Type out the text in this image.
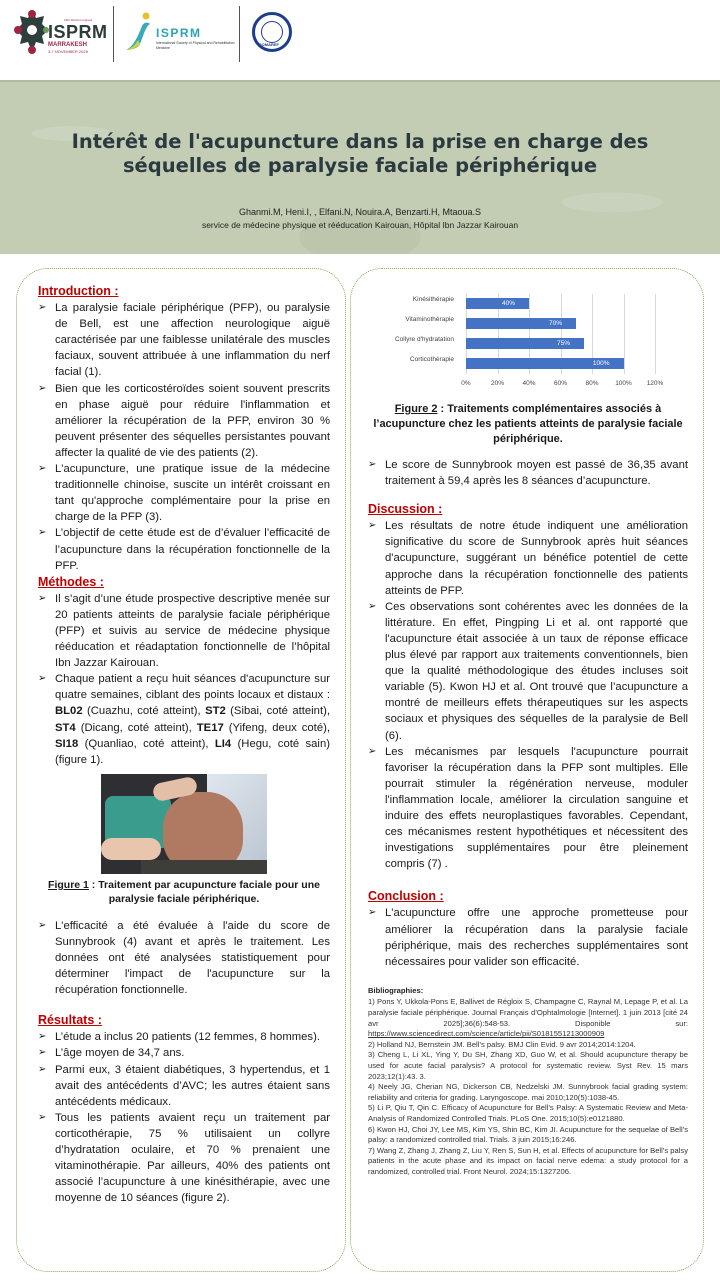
19th World Congress
ISPRM
MARRAKESH
3-7 NOVEMBER 2025
ISPRM
International Society of Physical and Rehabilitation Medicine
SOMAREF
Intérêt de l'acupuncture dans la prise en charge des séquelles de paralysie faciale périphérique
Ghanmi.M, Heni.I, , Elfani.N, Nouira.A, Benzarti.H, Mtaoua.S
service de médecine physique et rééducation Kairouan, Hôpital Ibn Jazzar Kairouan
Introduction :
➢ La paralysie faciale périphérique (PFP), ou paralysie de Bell, est une affection neurologique aiguë caractérisée par une faiblesse unilatérale des muscles faciaux, souvent attribuée à une inflammation du nerf facial (1).
➢ Bien que les corticostéroïdes soient souvent prescrits en phase aiguë pour réduire l'inflammation et améliorer la récupération de la PFP, environ 30 % peuvent présenter des séquelles persistantes pouvant affecter la qualité de vie des patients (2).
➢ L'acupuncture, une pratique issue de la médecine traditionnelle chinoise, suscite un intérêt croissant en tant qu'approche complémentaire pour la prise en charge de la PFP (3).
➢ L’objectif de cette étude est de d’évaluer l’efficacité de l’acupuncture dans la récupération fonctionnelle de la PFP.
Méthodes :
➢ Il s’agit d’une étude prospective descriptive menée sur 20 patients atteints de paralysie faciale périphérique (PFP) et suivis au service de médecine physique rééducation et réadaptation fonctionnelle de l’hôpital Ibn Jazzar Kairouan.
➢ Chaque patient a reçu huit séances d'acupuncture sur quatre semaines, ciblant des points locaux et distaux : BL02 (Cuazhu, coté atteint), ST2 (Sibai, coté atteint), ST4 (Dicang, coté atteint), TE17 (Yifeng, deux coté), SI18 (Quanliao, coté atteint), LI4 (Hegu, coté sain) (figure 1).
Figure 1 : Traitement par acupuncture faciale pour une paralysie faciale périphérique.
➢ L'efficacité a été évaluée à l'aide du score de Sunnybrook (4) avant et après le traitement. Les données ont été analysées statistiquement pour déterminer l'impact de l'acupuncture sur la récupération fonctionnelle.
Résultats :
➢ L’étude a inclus 20 patients (12 femmes, 8 hommes).
➢ L’âge moyen de 34,7 ans.
➢ Parmi eux, 3 étaient diabétiques, 3 hypertendus, et 1 avait des antécédents d’AVC; les autres étaient sans antécédents médicaux.
➢ Tous les patients avaient reçu un traitement par corticothérapie, 75 % utilisaient un collyre d’hydratation oculaire, et 70 % prenaient une vitaminothérapie. Par ailleurs, 40% des patients ont associé l’acupuncture à une kinésithérapie, avec une moyenne de 10 séances (figure 2).
Kinésithérapie
Vitaminothérapie
Collyre d'hydratation
Corticothérapie
40%
70%
75%
100%
0%	20%	40%	60%	80%	100%	120%
Figure 2 : Traitements complémentaires associés à l’acupuncture chez les patients atteints de paralysie faciale périphérique.
➢ Le score de Sunnybrook moyen est passé de 36,35 avant traitement à 59,4 après les 8 séances d’acupuncture.
Discussion :
➢ Les résultats de notre étude indiquent une amélioration significative du score de Sunnybrook après huit séances d'acupuncture, suggérant un bénéfice potentiel de cette approche dans la récupération fonctionnelle des patients atteints de PFP.
➢ Ces observations sont cohérentes avec les données de la littérature. En effet, Pingping Li et al. ont rapporté que l'acupuncture était associée à un taux de réponse efficace plus élevé par rapport aux traitements conventionnels, bien que la qualité méthodologique des études incluses soit variable (5). Kwon HJ et al. Ont trouvé que l’acupuncture a montré de meilleurs effets thérapeutiques sur les aspects sociaux et physiques des séquelles de la paralysie de Bell (6).
➢ Les mécanismes par lesquels l'acupuncture pourrait favoriser la récupération dans la PFP sont multiples. Elle pourrait stimuler la régénération nerveuse, moduler l'inflammation locale, améliorer la circulation sanguine et induire des effets neuroplastiques favorables. Cependant, ces mécanismes restent hypothétiques et nécessitent des investigations supplémentaires pour être pleinement compris (7) .
Conclusion :
➢ L'acupuncture offre une approche prometteuse pour améliorer la récupération dans la paralysie faciale périphérique, mais des recherches supplémentaires sont nécessaires pour valider son efficacité.
Bibliographies:
1) Pons Y, Ukkola-Pons E, Ballivet de Régloix S, Champagne C, Raynal M, Lepage P, et al. La paralysie faciale périphérique. Journal Français d’Ophtalmologie [Internet]. 1 juin 2013 [cité 24 avr 2025];36(6):548-53. Disponible sur: https://www.sciencedirect.com/science/article/pii/S0181551213000909
2) Holland NJ, Bernstein JM. Bell’s palsy. BMJ Clin Evid. 9 avr 2014;2014:1204.
3) Cheng L, Li XL, Ying Y, Du SH, Zhang XD, Guo W, et al. Should acupuncture therapy be used for acute facial paralysis? A protocol for systematic review. Syst Rev. 15 mars 2023;12(1):43. 3.
4) Neely JG, Cherian NG, Dickerson CB, Nedzelski JM. Sunnybrook facial grading system: reliability and criteria for grading. Laryngoscope. mai 2010;120(5):1038-45.
5) Li P, Qiu T, Qin C. Efficacy of Acupuncture for Bell’s Palsy: A Systematic Review and Meta-Analysis of Randomized Controlled Trials. PLoS One. 2015;10(5):e0121880.
6) Kwon HJ, Choi JY, Lee MS, Kim YS, Shin BC, Kim JI. Acupuncture for the sequelae of Bell’s palsy: a randomized controlled trial. Trials. 3 juin 2015;16:246.
7) Wang Z, Zhang J, Zhang Z, Liu Y, Ren S, Sun H, et al. Effects of acupuncture for Bell’s palsy patients in the acute phase and its impact on facial nerve edema: a study protocol for a randomized, controlled trial. Front Neurol. 2024;15:1327206.
